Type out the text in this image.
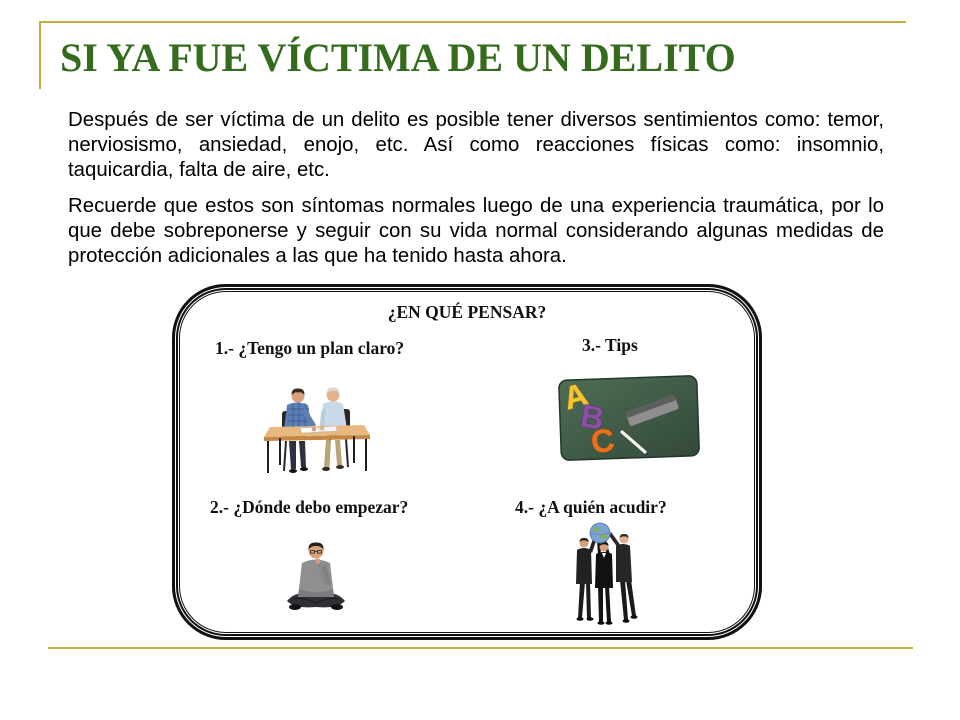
SI YA FUE VÍCTIMA DE UN DELITO

Después de ser víctima de un delito es posible tener diversos sentimientos como: temor, nerviosismo, ansiedad, enojo, etc. Así como reacciones físicas como: insomnio, taquicardia, falta de aire, etc.

Recuerde que estos son síntomas normales luego de una experiencia traumática, por lo que debe sobreponerse y seguir con su vida normal considerando algunas medidas de protección adicionales a las que ha tenido hasta ahora.

¿EN QUÉ PENSAR?

1.- ¿Tengo un plan claro?	3.- Tips

2.- ¿Dónde debo empezar?	4.- ¿A quién acudir?

A
B
C
